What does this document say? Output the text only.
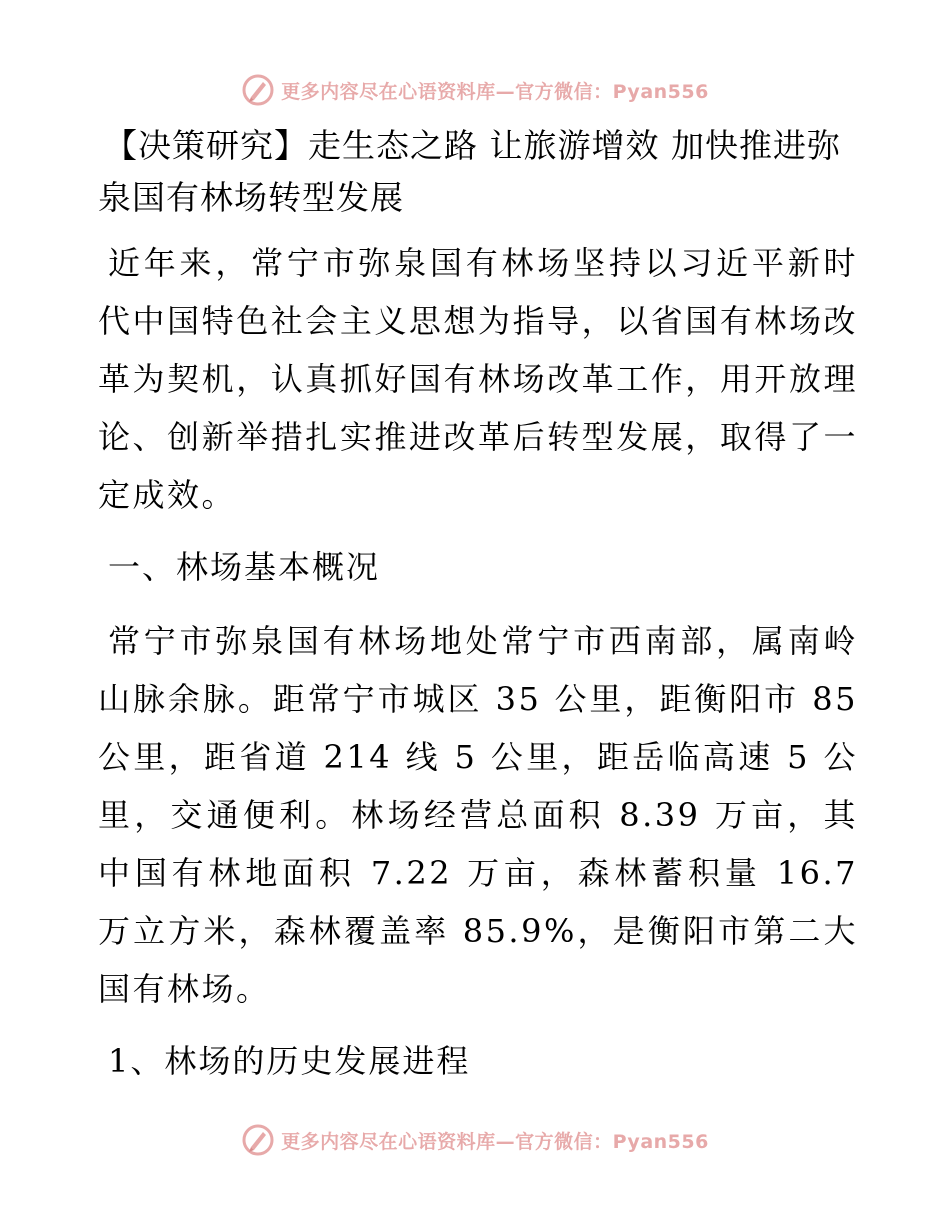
更多内容尽在心语资料库—官方微信：Pyan556
【决策研究】走生态之路 让旅游增效 加快推进弥泉国有林场转型发展

近年来，常宁市弥泉国有林场坚持以习近平新时代中国特色社会主义思想为指导，以省国有林场改革为契机，认真抓好国有林场改革工作，用开放理论、创新举措扎实推进改革后转型发展，取得了一定成效。

一、林场基本概况

常宁市弥泉国有林场地处常宁市西南部，属南岭山脉余脉。距常宁市城区 35 公里，距衡阳市 85 公里，距省道 214 线 5 公里，距岳临高速 5 公里，交通便利。林场经营总面积 8.39 万亩，其中国有林地面积 7.22 万亩，森林蓄积量 16.7 万立方米，森林覆盖率 85.9%，是衡阳市第二大国有林场。

1、林场的历史发展进程
更多内容尽在心语资料库—官方微信：Pyan556
